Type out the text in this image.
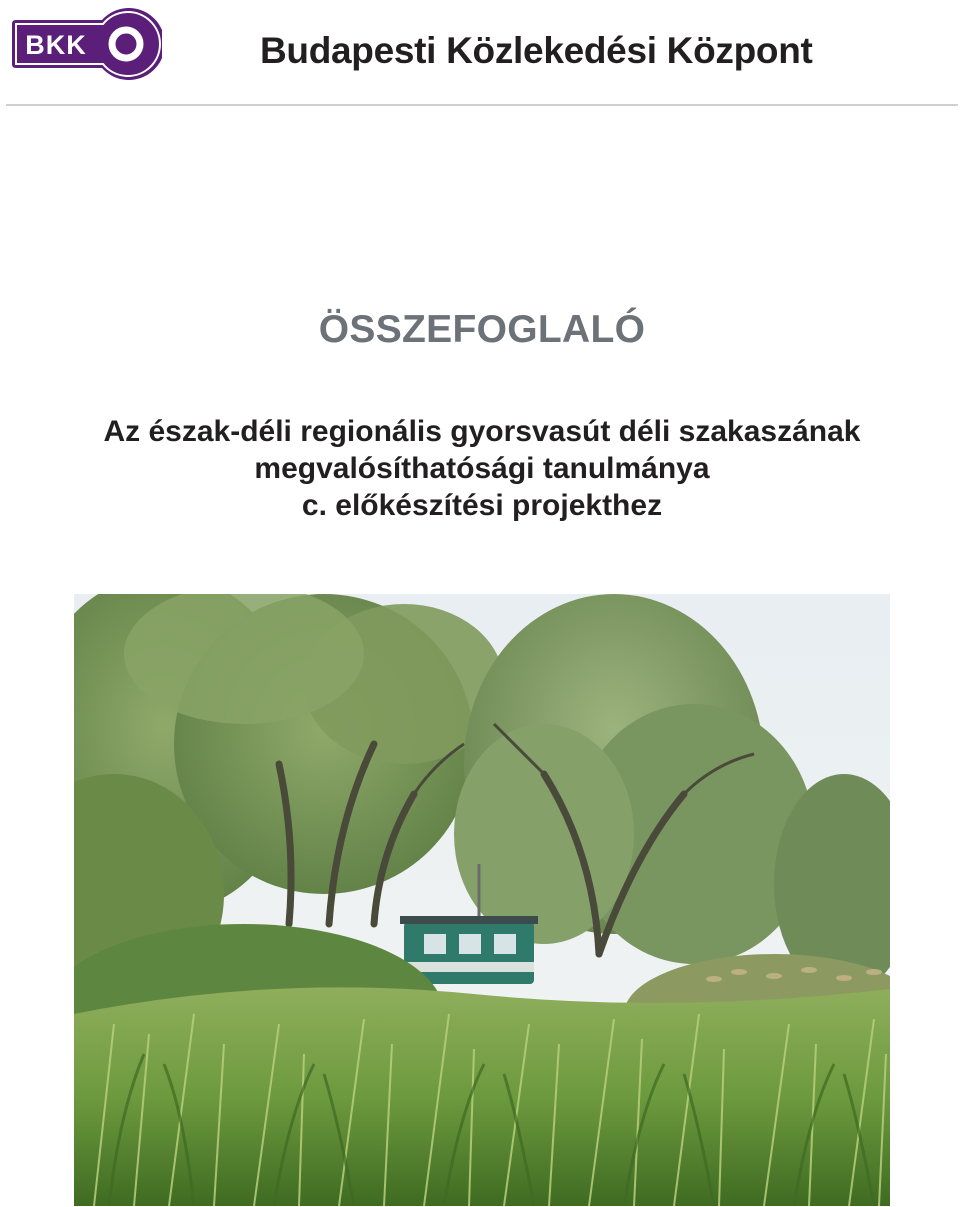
BKK	Budapesti Közlekedési Központ
ÖSSZEFOGLALÓ
Az észak-déli regionális gyorsvasút déli szakaszának
megvalósíthatósági tanulmánya
c. előkészítési projekthez
